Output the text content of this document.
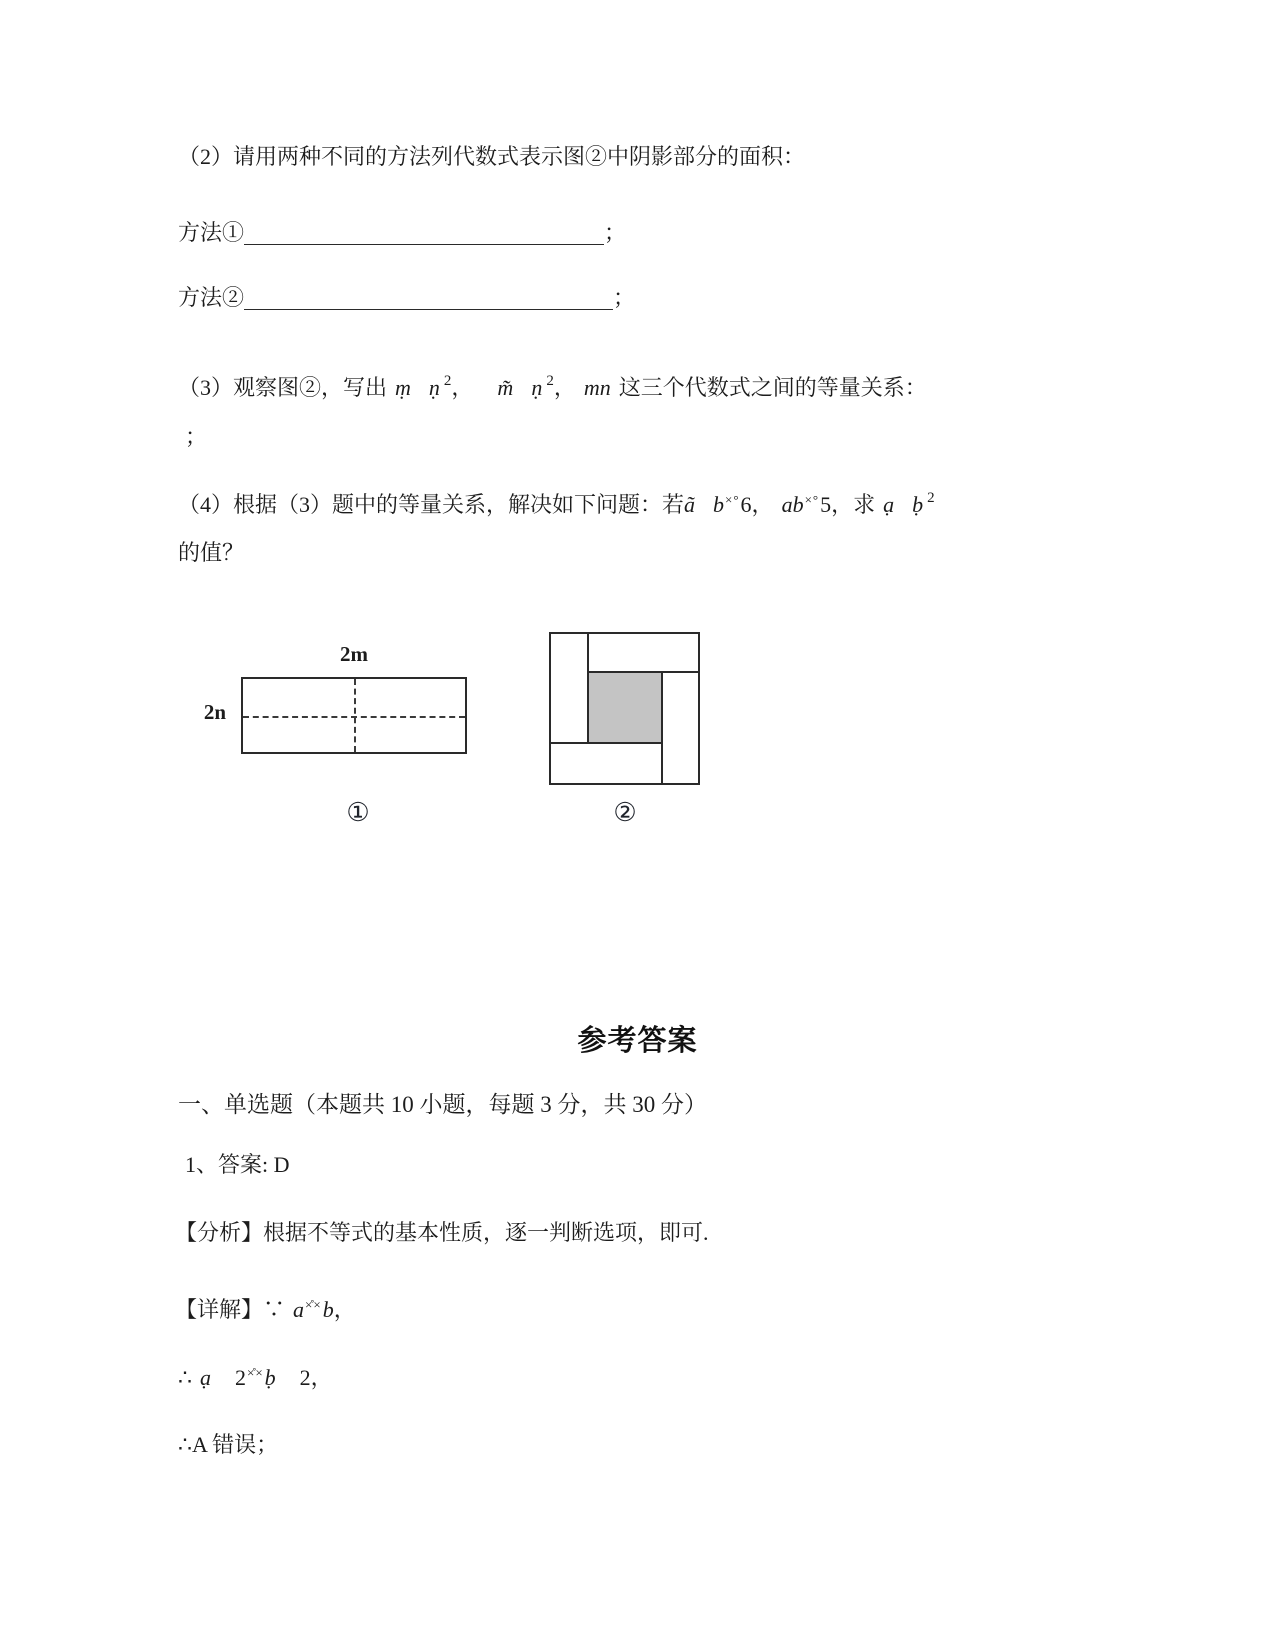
（2）请用两种不同的方法列代数式表示图②中阴影部分的面积：
方法①	；
方法②	；
（3）观察图②，写出 ṃ ṇ $^2$， m̃ ṇ $^2$， mn 这三个代数式之间的等量关系：
；
（4）根据（3）题中的等量关系，解决如下问题：若ã b×°6， ab×°5，求 ạ ḅ $^2$
的值？
2m
2n
①	②
参考答案
一、单选题（本题共 10 小题，每题 3 分，共 30 分）
1、答案: D
【分析】根据不等式的基本性质，逐一判断选项，即可.
【详解】∵ a×̊×b，
∴ ạ 2×̊×ḅ 2，
∴A 错误；
